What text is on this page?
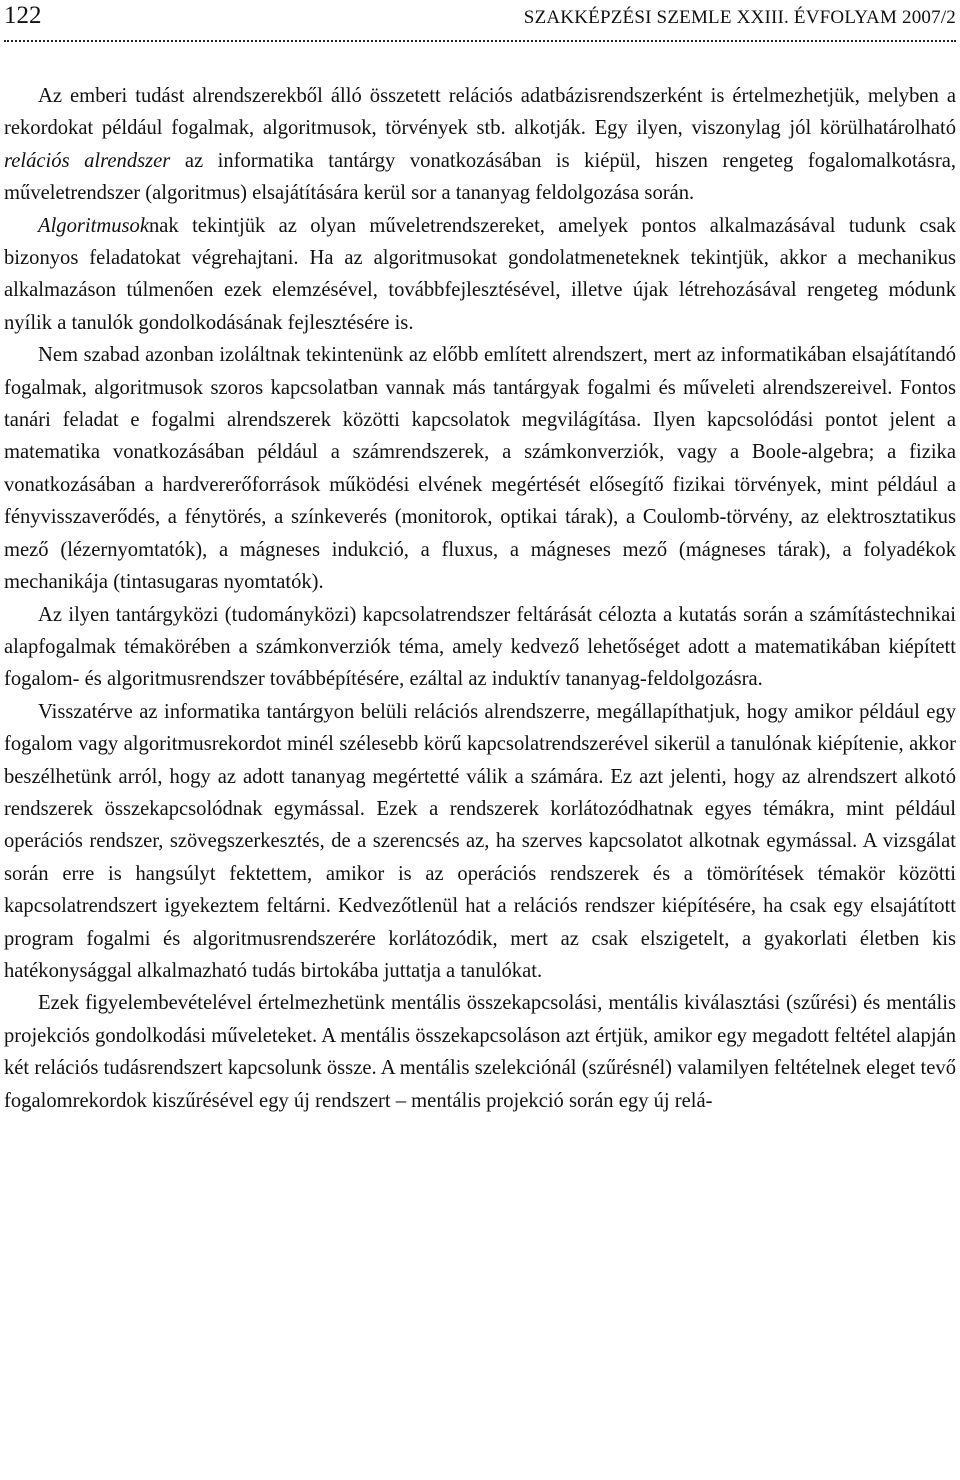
122	SZAKKÉPZÉSI SZEMLE XXIII. ÉVFOLYAM 2007/2

Az emberi tudást alrendszerekből álló összetett relációs adatbázisrendszerként is értelmezhetjük, melyben a rekordokat például fogalmak, algoritmusok, törvények stb. alkotják. Egy ilyen, viszonylag jól körülhatárolható relációs alrendszer az informatika tantárgy vonatkozásában is kiépül, hiszen rengeteg fogalomalkotásra, műveletrendszer (algoritmus) elsajátítására kerül sor a tananyag feldolgozása során.

Algoritmusoknak tekintjük az olyan műveletrendszereket, amelyek pontos alkalmazásával tudunk csak bizonyos feladatokat végrehajtani. Ha az algoritmusokat gondolatmeneteknek tekintjük, akkor a mechanikus alkalmazáson túlmenően ezek elemzésével, továbbfejlesztésével, illetve újak létrehozásával rengeteg módunk nyílik a tanulók gondolkodásának fejlesztésére is.

Nem szabad azonban izoláltnak tekintenünk az előbb említett alrendszert, mert az informatikában elsajátítandó fogalmak, algoritmusok szoros kapcsolatban vannak más tantárgyak fogalmi és műveleti alrendszereivel. Fontos tanári feladat e fogalmi alrendszerek közötti kapcsolatok megvilágítása. Ilyen kapcsolódási pontot jelent a matematika vonatkozásában például a számrendszerek, a számkonverziók, vagy a Boole-algebra; a fizika vonatkozásában a hardvererőforrások működési elvének megértését elősegítő fizikai törvények, mint például a fényvisszaverődés, a fénytörés, a színkeverés (monitorok, optikai tárak), a Coulomb-törvény, az elektrosztatikus mező (lézernyomtatók), a mágneses indukció, a fluxus, a mágneses mező (mágneses tárak), a folyadékok mechanikája (tintasugaras nyomtatók).

Az ilyen tantárgyközi (tudományközi) kapcsolatrendszer feltárását célozta a kutatás során a számítástechnikai alapfogalmak témakörében a számkonverziók téma, amely kedvező lehetőséget adott a matematikában kiépített fogalom- és algoritmusrendszer továbbépítésére, ezáltal az induktív tananyag-feldolgozásra.

Visszatérve az informatika tantárgyon belüli relációs alrendszerre, megállapíthatjuk, hogy amikor például egy fogalom vagy algoritmusrekordot minél szélesebb körű kapcsolatrendszerével sikerül a tanulónak kiépítenie, akkor beszélhetünk arról, hogy az adott tananyag megértetté válik a számára. Ez azt jelenti, hogy az alrendszert alkotó rendszerek összekapcsolódnak egymással. Ezek a rendszerek korlátozódhatnak egyes témákra, mint például operációs rendszer, szövegszerkesztés, de a szerencsés az, ha szerves kapcsolatot alkotnak egymással. A vizsgálat során erre is hangsúlyt fektettem, amikor is az operációs rendszerek és a tömörítések témakör közötti kapcsolatrendszert igyekeztem feltárni. Kedvezőtlenül hat a relációs rendszer kiépítésére, ha csak egy elsajátított program fogalmi és algoritmusrendszerére korlátozódik, mert az csak elszigetelt, a gyakorlati életben kis hatékonysággal alkalmazható tudás birtokába juttatja a tanulókat.

Ezek figyelembevételével értelmezhetünk mentális összekapcsolási, mentális kiválasztási (szűrési) és mentális projekciós gondolkodási műveleteket. A mentális összekapcsoláson azt értjük, amikor egy megadott feltétel alapján két relációs tudásrendszert kapcsolunk össze. A mentális szelekciónál (szűrésnél) valamilyen feltételnek eleget tevő fogalomrekordok kiszűrésével egy új rendszert – mentális projekció során egy új relá-
